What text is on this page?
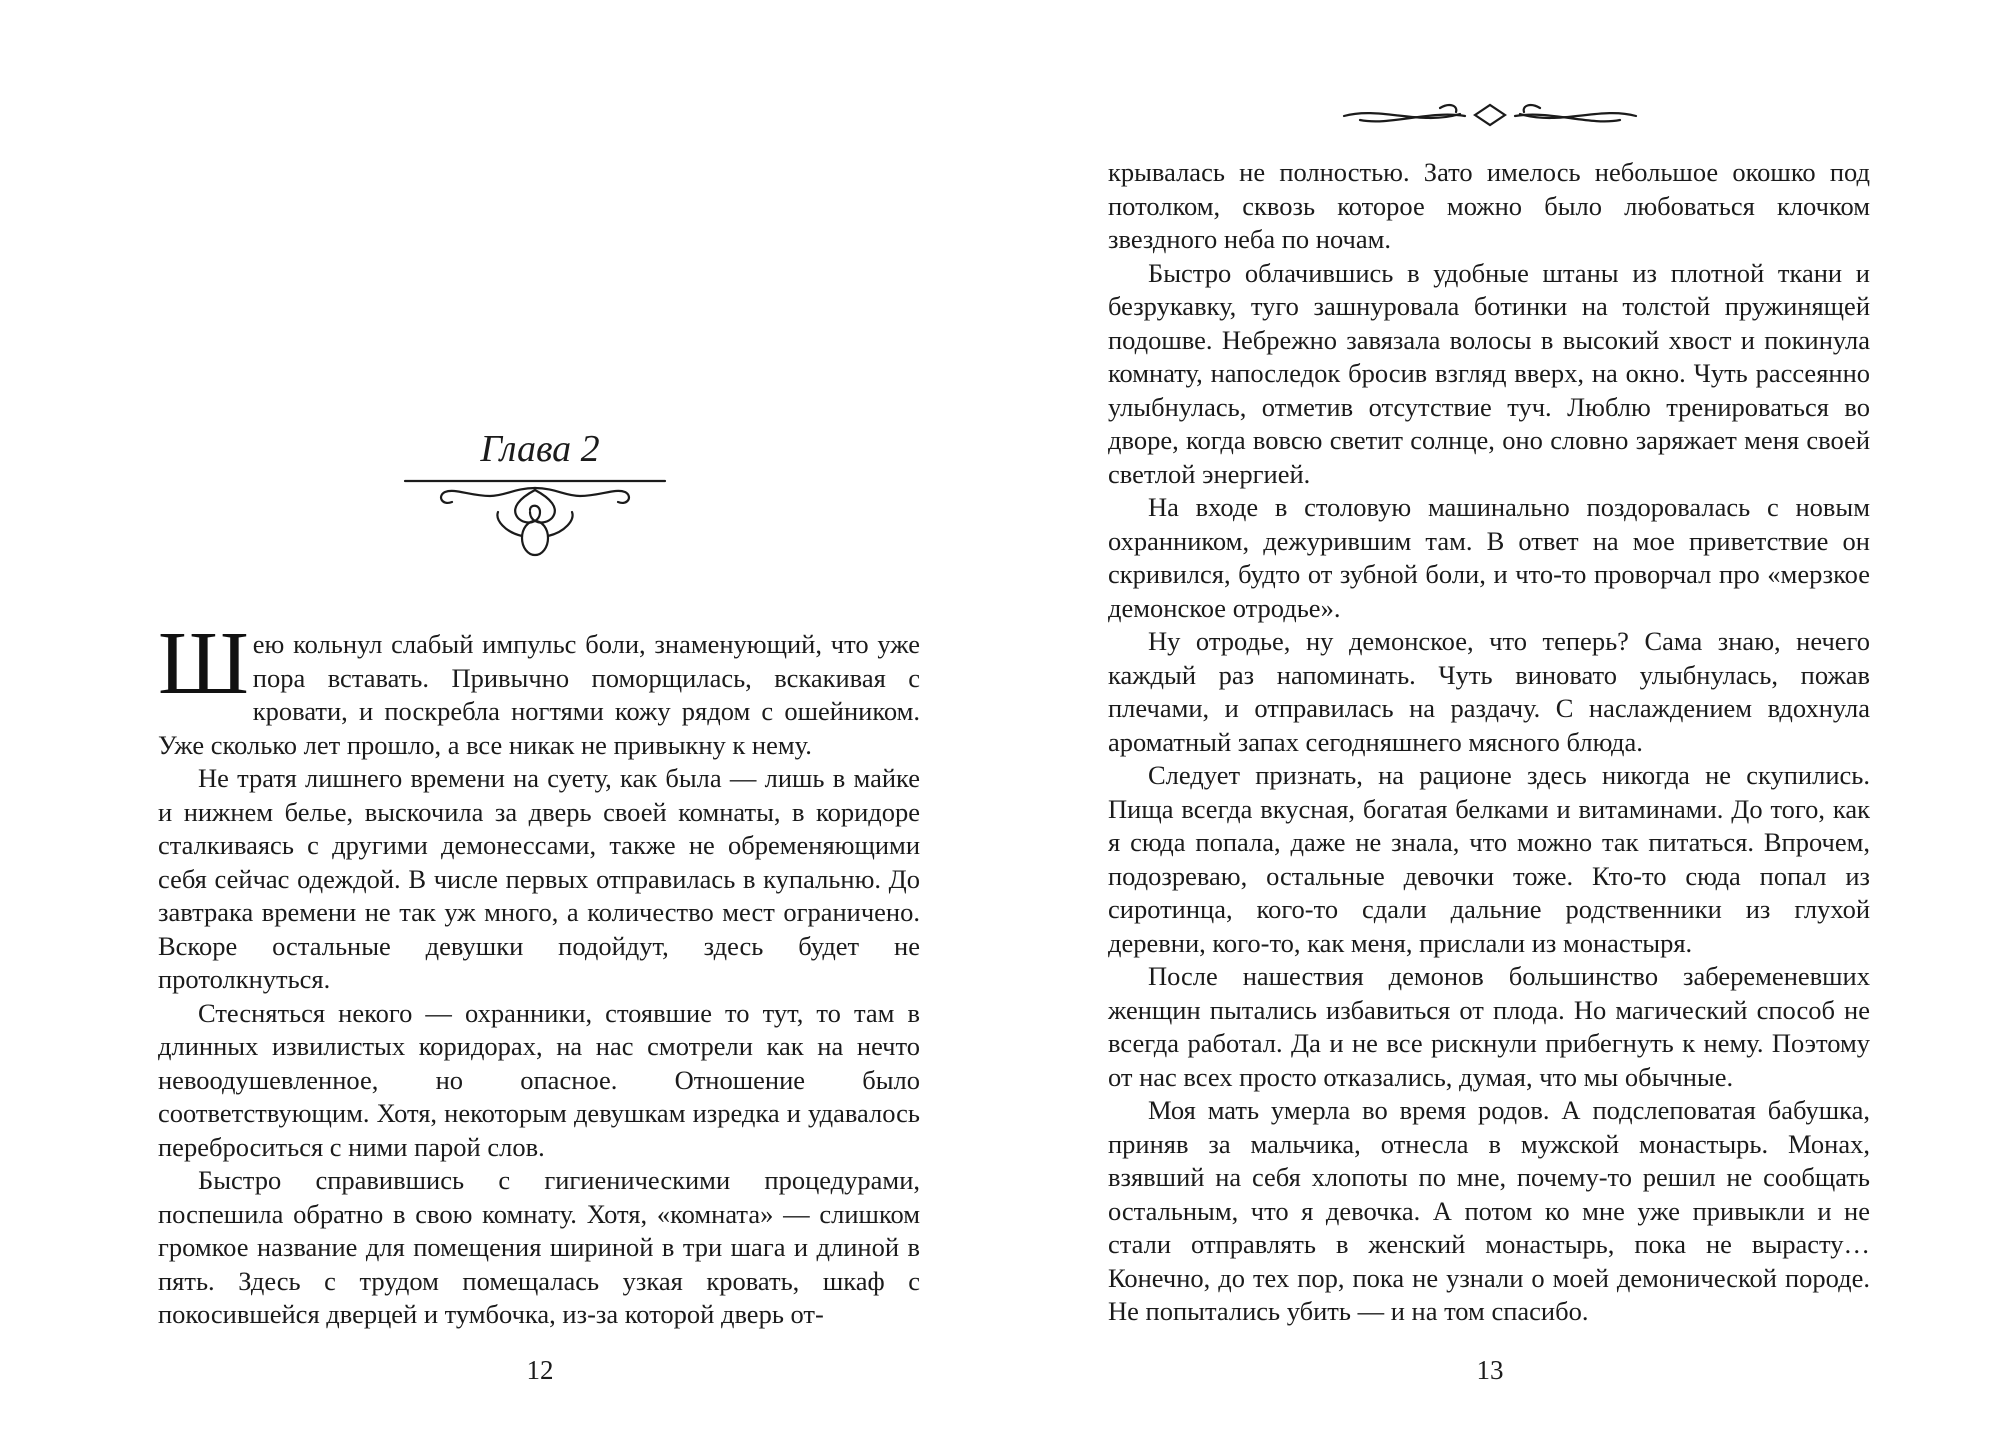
Глава 2

Шею кольнул слабый импульс боли, знаменующий, что уже пора вставать. Привычно поморщилась, вскакивая с кровати, и поскребла ногтями кожу рядом с ошейником. Уже сколько лет прошло, а все никак не привыкну к нему.

Не тратя лишнего времени на суету, как была — лишь в майке и нижнем белье, выскочила за дверь своей комнаты, в коридоре сталкиваясь с другими демонессами, также не обременяющими себя сейчас одеждой. В числе первых отправилась в купальню. До завтрака времени не так уж много, а количество мест ограничено. Вскоре остальные девушки подойдут, здесь будет не протолкнуться.

Стесняться некого — охранники, стоявшие то тут, то там в длинных извилистых коридорах, на нас смотрели как на нечто невоодушевленное, но опасное. Отношение было соответствующим. Хотя, некоторым девушкам изредка и удавалось переброситься с ними парой слов.

Быстро справившись с гигиеническими процедурами, поспешила обратно в свою комнату. Хотя, «комната» — слишком громкое название для помещения шириной в три шага и длиной в пять. Здесь с трудом помещалась узкая кровать, шкаф с покосившейся дверцей и тумбочка, из-за которой дверь от-

12

крывалась не полностью. Зато имелось небольшое окошко под потолком, сквозь которое можно было любоваться клочком звездного неба по ночам.

Быстро облачившись в удобные штаны из плотной ткани и безрукавку, туго зашнуровала ботинки на толстой пружинящей подошве. Небрежно завязала волосы в высокий хвост и покинула комнату, напоследок бросив взгляд вверх, на окно. Чуть рассеянно улыбнулась, отметив отсутствие туч. Люблю тренироваться во дворе, когда вовсю светит солнце, оно словно заряжает меня своей светлой энергией.

На входе в столовую машинально поздоровалась с новым охранником, дежурившим там. В ответ на мое приветствие он скривился, будто от зубной боли, и что-то проворчал про «мерзкое демонское отродье».

Ну отродье, ну демонское, что теперь? Сама знаю, нечего каждый раз напоминать. Чуть виновато улыбнулась, пожав плечами, и отправилась на раздачу. С наслаждением вдохнула ароматный запах сегодняшнего мясного блюда.

Следует признать, на рационе здесь никогда не скупились. Пища всегда вкусная, богатая белками и витаминами. До того, как я сюда попала, даже не знала, что можно так питаться. Впрочем, подозреваю, остальные девочки тоже. Кто-то сюда попал из сиротинца, кого-то сдали дальние родственники из глухой деревни, кого-то, как меня, прислали из монастыря.

После нашествия демонов большинство забеременевших женщин пытались избавиться от плода. Но магический способ не всегда работал. Да и не все рискнули прибегнуть к нему. Поэтому от нас всех просто отказались, думая, что мы обычные.

Моя мать умерла во время родов. А подслеповатая бабушка, приняв за мальчика, отнесла в мужской монастырь. Монах, взявший на себя хлопоты по мне, почему-то решил не сообщать остальным, что я девочка. А потом ко мне уже привыкли и не стали отправлять в женский монастырь, пока не вырасту… Конечно, до тех пор, пока не узнали о моей демонической породе. Не попытались убить — и на том спасибо.

13
